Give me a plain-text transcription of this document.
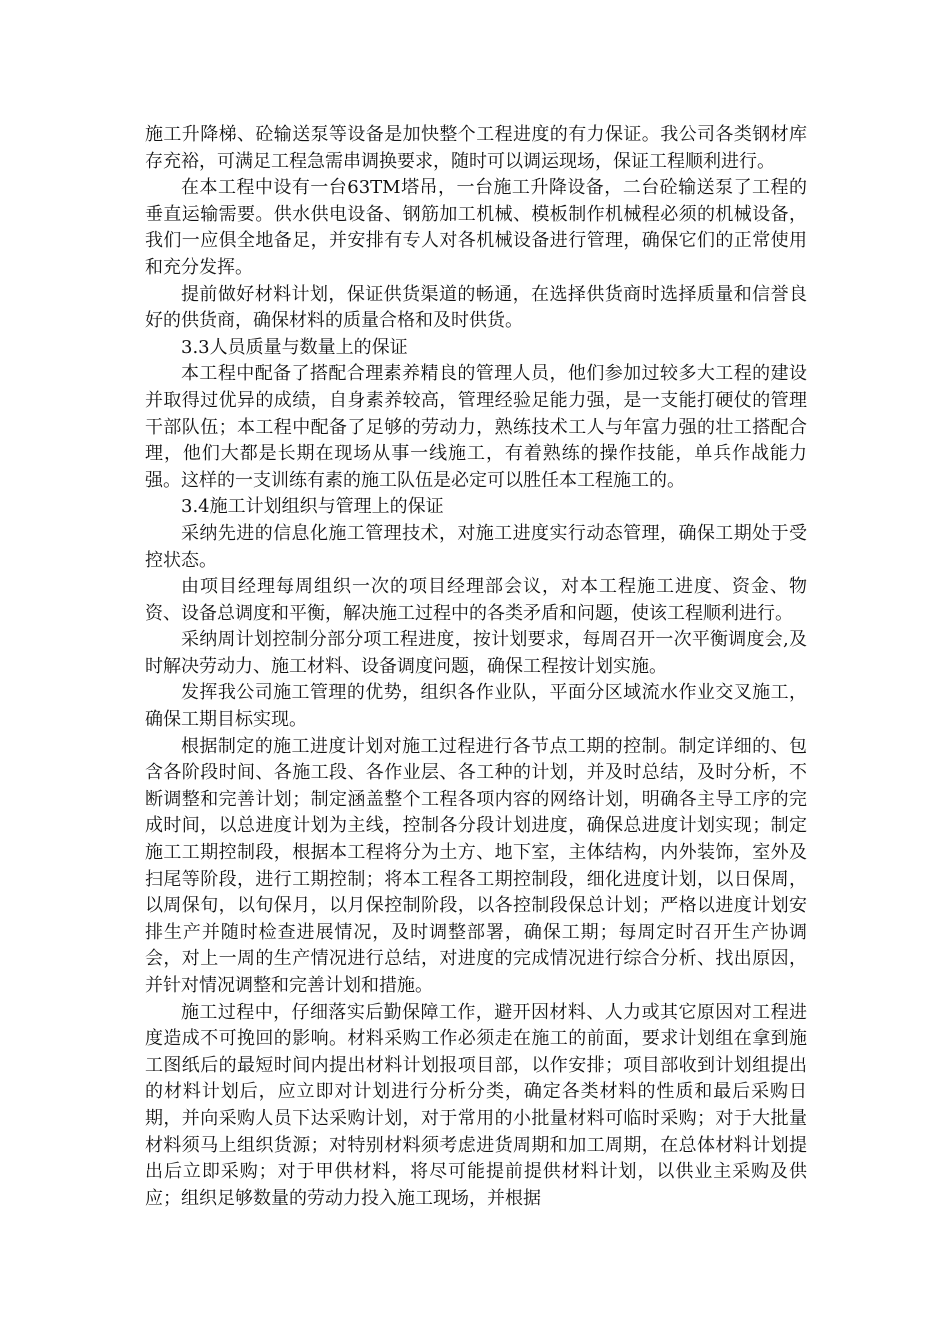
施工升降梯、砼输送泵等设备是加快整个工程进度的有力保证。我公司各类钢材库存充裕，可满足工程急需串调换要求，随时可以调运现场，保证工程顺利进行。

在本工程中设有一台63TM塔吊，一台施工升降设备，二台砼输送泵了工程的垂直运输需要。供水供电设备、钢筋加工机械、模板制作机械程必须的机械设备，我们一应俱全地备足，并安排有专人对各机械设备进行管理，确保它们的正常使用和充分发挥。

提前做好材料计划，保证供货渠道的畅通，在选择供货商时选择质量和信誉良好的供货商，确保材料的质量合格和及时供货。

3.3人员质量与数量上的保证

本工程中配备了搭配合理素养精良的管理人员，他们参加过较多大工程的建设并取得过优异的成绩，自身素养较高，管理经验足能力强，是一支能打硬仗的管理干部队伍；本工程中配备了足够的劳动力，熟练技术工人与年富力强的壮工搭配合理，他们大都是长期在现场从事一线施工，有着熟练的操作技能，单兵作战能力强。这样的一支训练有素的施工队伍是必定可以胜任本工程施工的。

3.4施工计划组织与管理上的保证

采纳先进的信息化施工管理技术，对施工进度实行动态管理，确保工期处于受控状态。

由项目经理每周组织一次的项目经理部会议，对本工程施工进度、资金、物资、设备总调度和平衡，解决施工过程中的各类矛盾和问题，使该工程顺利进行。

采纳周计划控制分部分项工程进度，按计划要求，每周召开一次平衡调度会,及时解决劳动力、施工材料、设备调度问题，确保工程按计划实施。

发挥我公司施工管理的优势，组织各作业队，平面分区域流水作业交叉施工，确保工期目标实现。

根据制定的施工进度计划对施工过程进行各节点工期的控制。制定详细的、包含各阶段时间、各施工段、各作业层、各工种的计划，并及时总结，及时分析，不断调整和完善计划；制定涵盖整个工程各项内容的网络计划，明确各主导工序的完成时间，以总进度计划为主线，控制各分段计划进度，确保总进度计划实现；制定施工工期控制段，根据本工程将分为土方、地下室，主体结构，内外装饰，室外及扫尾等阶段，进行工期控制；将本工程各工期控制段，细化进度计划，以日保周，以周保旬，以旬保月，以月保控制阶段，以各控制段保总计划；严格以进度计划安排生产并随时检查进展情况，及时调整部署，确保工期；每周定时召开生产协调会，对上一周的生产情况进行总结，对进度的完成情况进行综合分析、找出原因，并针对情况调整和完善计划和措施。

施工过程中，仔细落实后勤保障工作，避开因材料、人力或其它原因对工程进度造成不可挽回的影响。材料采购工作必须走在施工的前面，要求计划组在拿到施工图纸后的最短时间内提出材料计划报项目部，以作安排；项目部收到计划组提出的材料计划后，应立即对计划进行分析分类，确定各类材料的性质和最后采购日期，并向采购人员下达采购计划，对于常用的小批量材料可临时采购；对于大批量材料须马上组织货源；对特别材料须考虑进货周期和加工周期，在总体材料计划提出后立即采购；对于甲供材料，将尽可能提前提供材料计划，以供业主采购及供应；组织足够数量的劳动力投入施工现场，并根据
